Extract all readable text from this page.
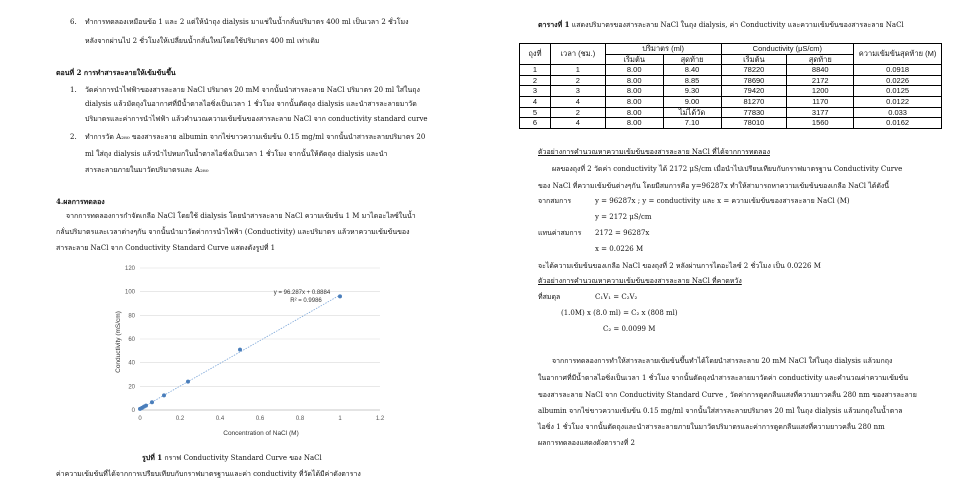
6. ทำการทดลองเหมือนข้อ 1 และ 2 แต่ให้นำถุง dialysis มาแช่ในน้ำกลั่นปริมาตร 400 ml เป็นเวลา 2 ชั่วโมง
หลังจากผ่านไป 2 ชั่วโมงให้เปลี่ยนน้ำกลั่นใหม่โดยใช้ปริมาตร 400 ml เท่าเดิม
ตอนที่ 2 การทำสารละลายให้เข้มข้นขึ้น
1. วัดค่าการนำไฟฟ้าของสารละลาย NaCl ปริมาตร 20 mM จากนั้นนำสารละลาย NaCl ปริมาตร 20 ml ใส่ในถุง
dialysis แล้วมัดถุงในอากาศที่มีน้ำตาลไอซิ่งเป็นเวลา 1 ชั่วโมง จากนั้นตัดถุง dialysis และนำสารละลายมาวัด
ปริมาตรและค่าการนำไฟฟ้า แล้วคำนวณความเข้มข้นของสารละลาย NaCl จาก conductivity standard curve
2. ทำการวัด A₂₈₀ ของสารละลาย albumin จากไข่ขาวความเข้มข้น 0.15 mg/ml จากนั้นนำสารละลายปริมาตร 20
ml ใส่ถุง dialysis แล้วนำไปหมกในน้ำตาลไอซิ่งเป็นเวลา 1 ชั่วโมง จากนั้นให้ตัดถุง dialysis และนำ
สารละลายภายในมาวัดปริมาตรและ A₂₈₀
4.ผลการทดลอง
จากการทดลองการกำจัดเกลือ NaCl โดยใช้ dialysis โดยนำสารละลาย NaCl ความเข้มข้น 1 M มาไดอะไลซ์ในน้ำ
กลั่นปริมาตรและเวลาต่างๆกัน จากนั้นนำมาวัดค่าการนำไฟฟ้า (Conductivity) และปริมาตร แล้วหาความเข้มข้นของ
สารละลาย NaCl จาก Conductivity Standard Curve แสดงดังรูปที่ 1
0
20
40
60
80
100
120
0	0.2	0.4	0.6	0.8	1	1.2
y = 96.287x + 0.8884
R² = 0.9986
Concentration of NaCl (M)
Conductivity (mS/cm)
รูปที่ 1 กราฟ Conductivity Standard Curve ของ NaCl
ค่าความเข้มข้นที่ได้จากการเปรียบเทียบกับกราฟมาตรฐานและค่า conductivity ที่วัดได้มีค่าดังตาราง
ตารางที่ 1 แสดงปริมาตรของสารละลาย NaCl ในถุง dialysis, ค่า Conductivity และความเข้มข้นของสารละลาย NaCl
ถุงที่	เวลา (ชม.)	ปริมาตร (ml)		Conductivity (μS/cm)		ความเข้มข้นสุดท้าย (M)
		เริ่มต้น	สุดท้าย	เริ่มต้น	สุดท้าย	
1	1	8.00	8.40	78220	8840	0.0918
2	2	8.00	8.85	78690	2172	0.0226
3	3	8.00	9.30	79420	1200	0.0125
4	4	8.00	9.00	81270	1170	0.0122
5	2	8.00	ไม่ได้วัด	77830	3177	0.033
6	4	8.00	7.10	78010	1560	0.0162
ตัวอย่างการคำนวณหาความเข้มข้นของสารละลาย NaCl ที่ได้จากการทดลอง
ผลของถุงที่ 2 วัดค่า conductivity ได้ 2172 μS/cm เมื่อนำไปเปรียบเทียบกับกราฟมาตรฐาน Conductivity Curve
ของ NaCl ที่ความเข้มข้นต่างๆกัน โดยมีสมการคือ y=96287x ทำให้สามารถหาความเข้มข้นของเกลือ NaCl ได้ดังนี้
จากสมการ	y = 96287x ; y = conductivity และ x = ความเข้มข้นของสารละลาย NaCl (M)
y = 2172 μS/cm
แทนค่าสมการ 2172 = 96287x
x = 0.0226 M
จะได้ความเข้มข้นของเกลือ NaCl ของถุงที่ 2 หลังผ่านการไดอะไลซ์ 2 ชั่วโมง เป็น 0.0226 M
ตัวอย่างการคำนวณหาความเข้มข้นของสารละลาย NaCl ที่คาดหวัง
ที่สมดุล	C₁V₁ = C₂V₂
(1.0M) x (8.0 ml) = C₂ x (808 ml)
C₂ = 0.0099 M
จากการทดลองการทำให้สารละลายเข้มข้นขึ้นทำได้โดยนำสารละลาย 20 mM NaCl ใส่ในถุง dialysis แล้วมกถุง
ในอากาศที่มีน้ำตาลไอซิ่งเป็นเวลา 1 ชั่วโมง จากนั้นตัดถุงนำสารละลายมาวัดค่า conductivity และคำนวณค่าความเข้มข้น
ของสารละลาย NaCl จาก Conductivity Standard Curve , วัดค่าการดูดกลืนแสงที่ความยาวคลื่น 280 nm ของสารละลาย
albumin จากไข่ขาวความเข้มข้น 0.15 mg/ml จากนั้นใส่สารละลายปริมาตร 20 ml ในถุง dialysis แล้วมกถุงในน้ำตาล
ไอซิ่ง 1 ชั่วโมง จากนั้นตัดถุงและนำสารละลายภายในมาวัดปริมาตรและค่าการดูดกลืนแสงที่ความยาวคลื่น 280 nm
ผลการทดลองแสดงดังตารางที่ 2
